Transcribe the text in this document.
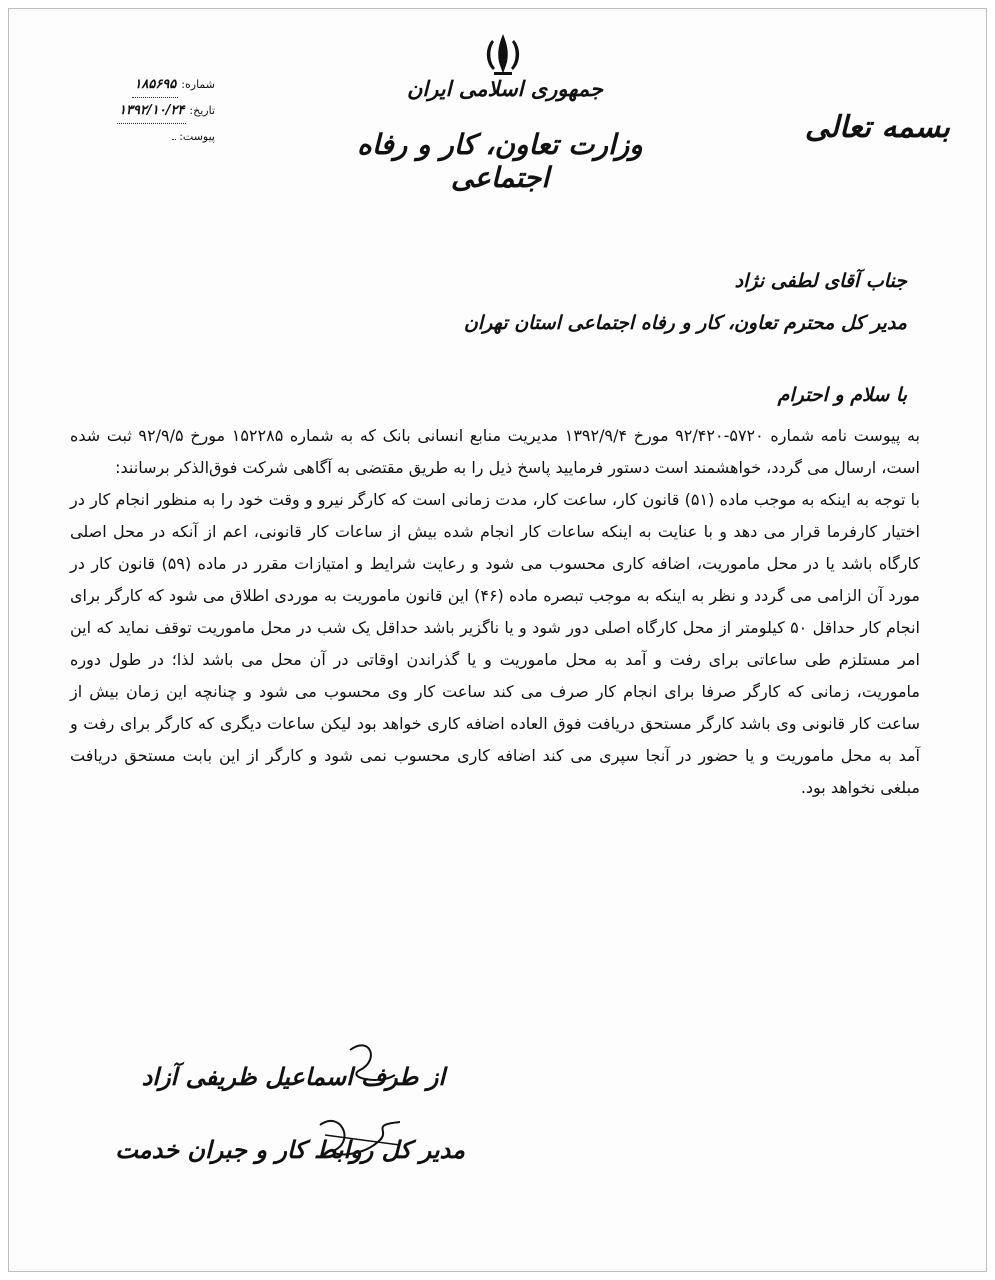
جمهوری اسلامی ایران
وزارت تعاون، کار و رفاه اجتماعی
بسمه تعالی
شماره:
۱۸۵۶۹۵
تاریخ:
۱۳۹۲/۱۰/۲۴
پیوست:
جناب آقای لطفی نژاد
مدیر کل محترم تعاون، کار و رفاه اجتماعی استان تهران
با سلام و احترام

به پیوست نامه شماره ۵۷۲۰-۹۲/۴۲۰ مورخ ۱۳۹۲/۹/۴ مدیریت منابع انسانی بانک که به شماره ۱۵۲۲۸۵ مورخ ۹۲/۹/۵ ثبت شده است، ارسال می گردد، خواهشمند است دستور فرمایید پاسخ ذیل را به طریق مقتضی به آگاهی شرکت فوق‌الذکر برسانند:

با توجه به اینکه به موجب ماده (۵۱) قانون کار، ساعت کار، مدت زمانی است که کارگر نیرو و وقت خود را به منظور انجام کار در اختیار کارفرما قرار می دهد و با عنایت به اینکه ساعات کار انجام شده بیش از ساعات کار قانونی، اعم از آنکه در محل اصلی کارگاه باشد یا در محل ماموریت، اضافه کاری محسوب می شود و رعایت شرایط و امتیازات مقرر در ماده (۵۹) قانون کار در مورد آن الزامی می گردد و نظر به اینکه به موجب تبصره ماده (۴۶) این قانون ماموریت به موردی اطلاق می شود که کارگر برای انجام کار حداقل ۵۰ کیلومتر از محل کارگاه اصلی دور شود و یا ناگزیر باشد حداقل یک شب در محل ماموریت توقف نماید که این امر مستلزم طی ساعاتی برای رفت و آمد به محل ماموریت و یا گذراندن اوقاتی در آن محل می باشد لذا؛ در طول دوره ماموریت، زمانی که کارگر صرفا برای انجام کار صرف می کند ساعت کار وی محسوب می شود و چنانچه این زمان بیش از ساعت کار قانونی وی باشد کارگر مستحق دریافت فوق العاده اضافه کاری خواهد بود لیکن ساعات دیگری که کارگر برای رفت و آمد به محل ماموریت و یا حضور در آنجا سپری می کند اضافه کاری محسوب نمی شود و کارگر از این بابت مستحق دریافت مبلغی نخواهد بود.

از طرف اسماعیل ظریفی آزاد
مدیر کل روابط کار و جبران خدمت
